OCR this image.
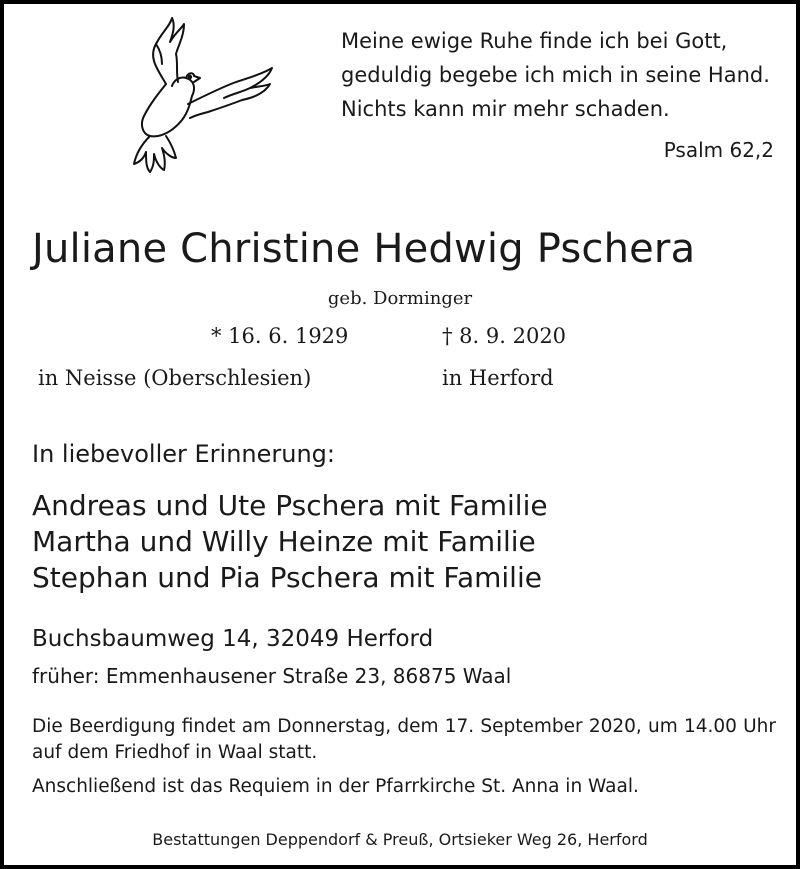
Meine ewige Ruhe finde ich bei Gott,
geduldig begebe ich mich in seine Hand.
Nichts kann mir mehr schaden.
Psalm 62,2
Juliane Christine Hedwig Pschera
geb. Dorminger
* 16. 6. 1929	† 8. 9. 2020
in Neisse (Oberschlesien)	in Herford
In liebevoller Erinnerung:
Andreas und Ute Pschera mit Familie
Martha und Willy Heinze mit Familie
Stephan und Pia Pschera mit Familie
Buchsbaumweg 14, 32049 Herford
früher: Emmenhausener Straße 23, 86875 Waal
Die Beerdigung findet am Donnerstag, dem 17. September 2020, um 14.00 Uhr auf dem Friedhof in Waal statt.
Anschließend ist das Requiem in der Pfarrkirche St. Anna in Waal.
Bestattungen Deppendorf & Preuß, Ortsieker Weg 26, Herford
